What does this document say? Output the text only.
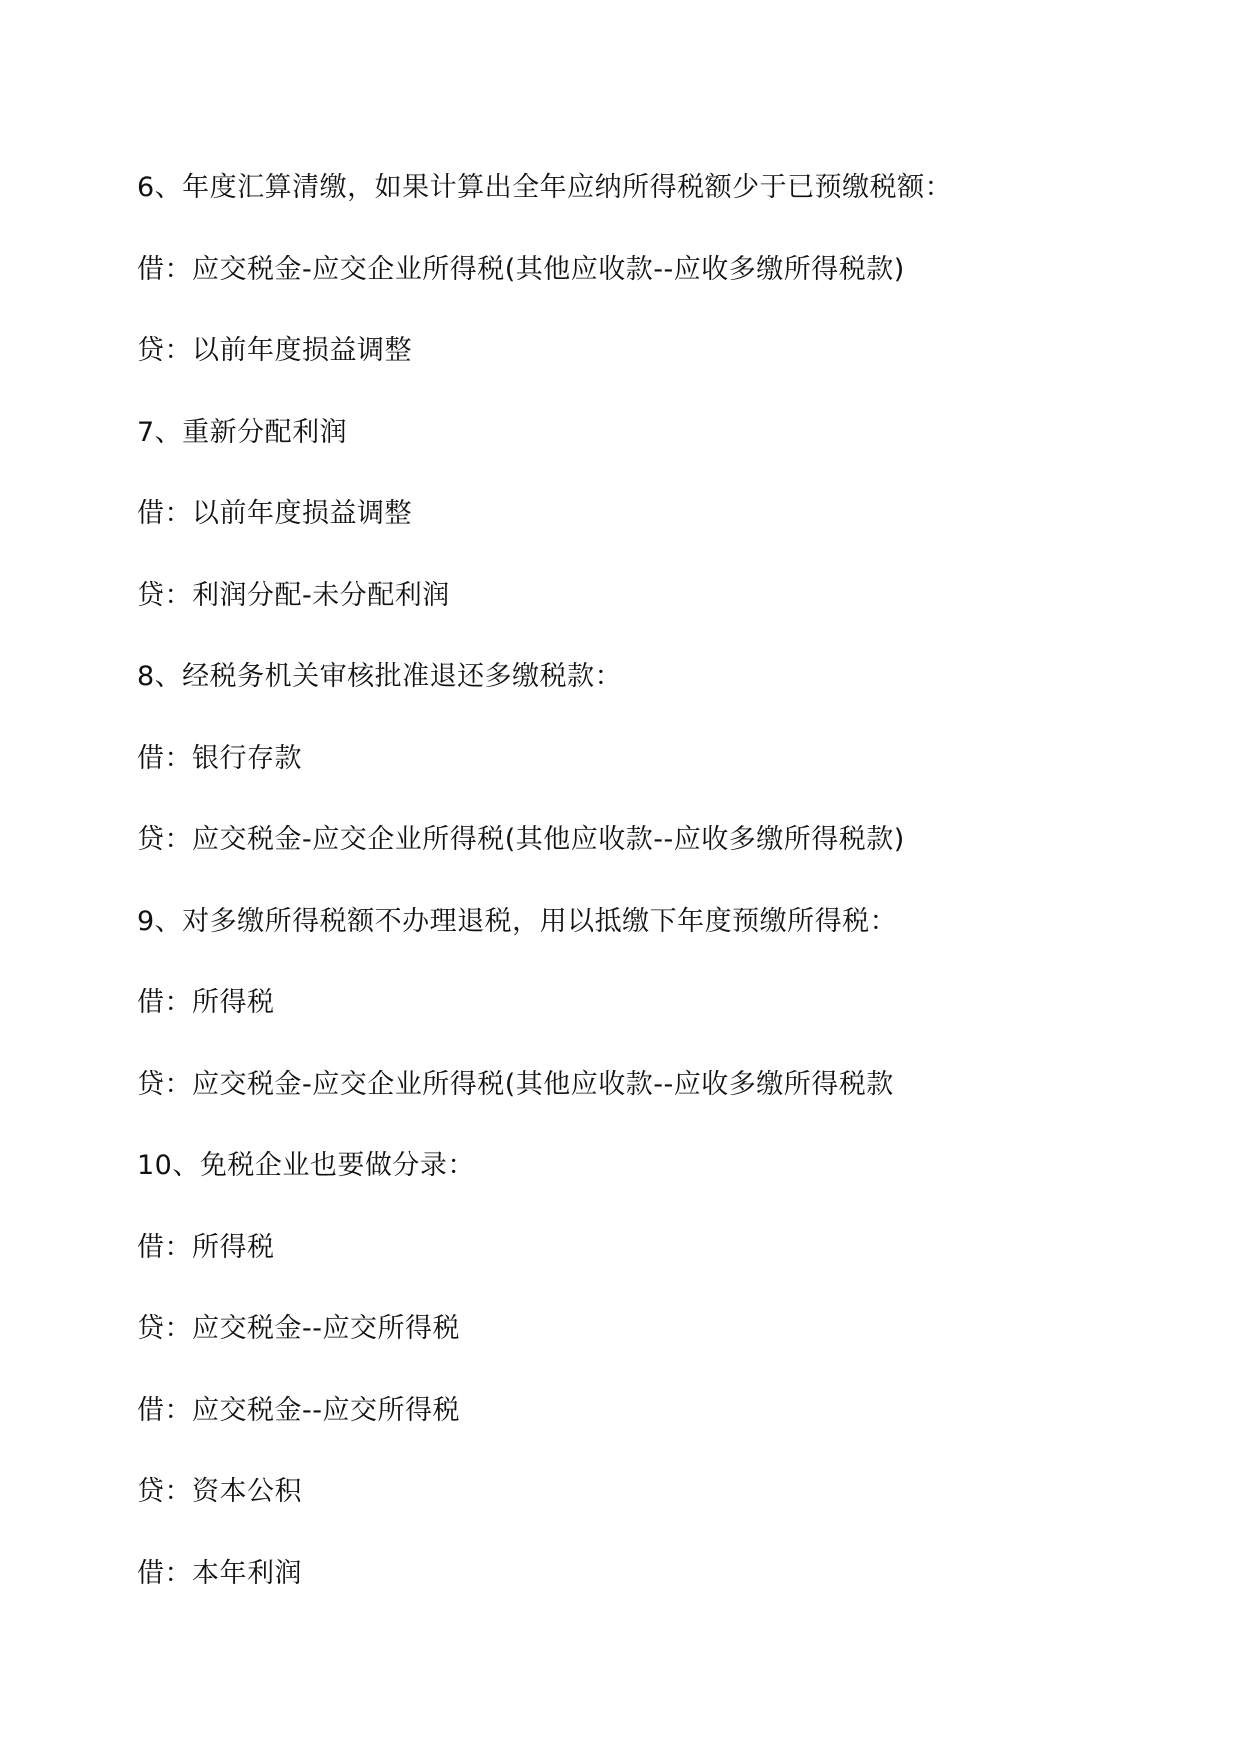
6、年度汇算清缴，如果计算出全年应纳所得税额少于已预缴税额：
借：应交税金-应交企业所得税(其他应收款--应收多缴所得税款)
贷：以前年度损益调整
7、重新分配利润
借：以前年度损益调整
贷：利润分配-未分配利润
8、经税务机关审核批准退还多缴税款：
借：银行存款
贷：应交税金-应交企业所得税(其他应收款--应收多缴所得税款)
9、对多缴所得税额不办理退税，用以抵缴下年度预缴所得税：
借：所得税
贷：应交税金-应交企业所得税(其他应收款--应收多缴所得税款
10、免税企业也要做分录：
借：所得税
贷：应交税金--应交所得税
借：应交税金--应交所得税
贷：资本公积
借：本年利润
